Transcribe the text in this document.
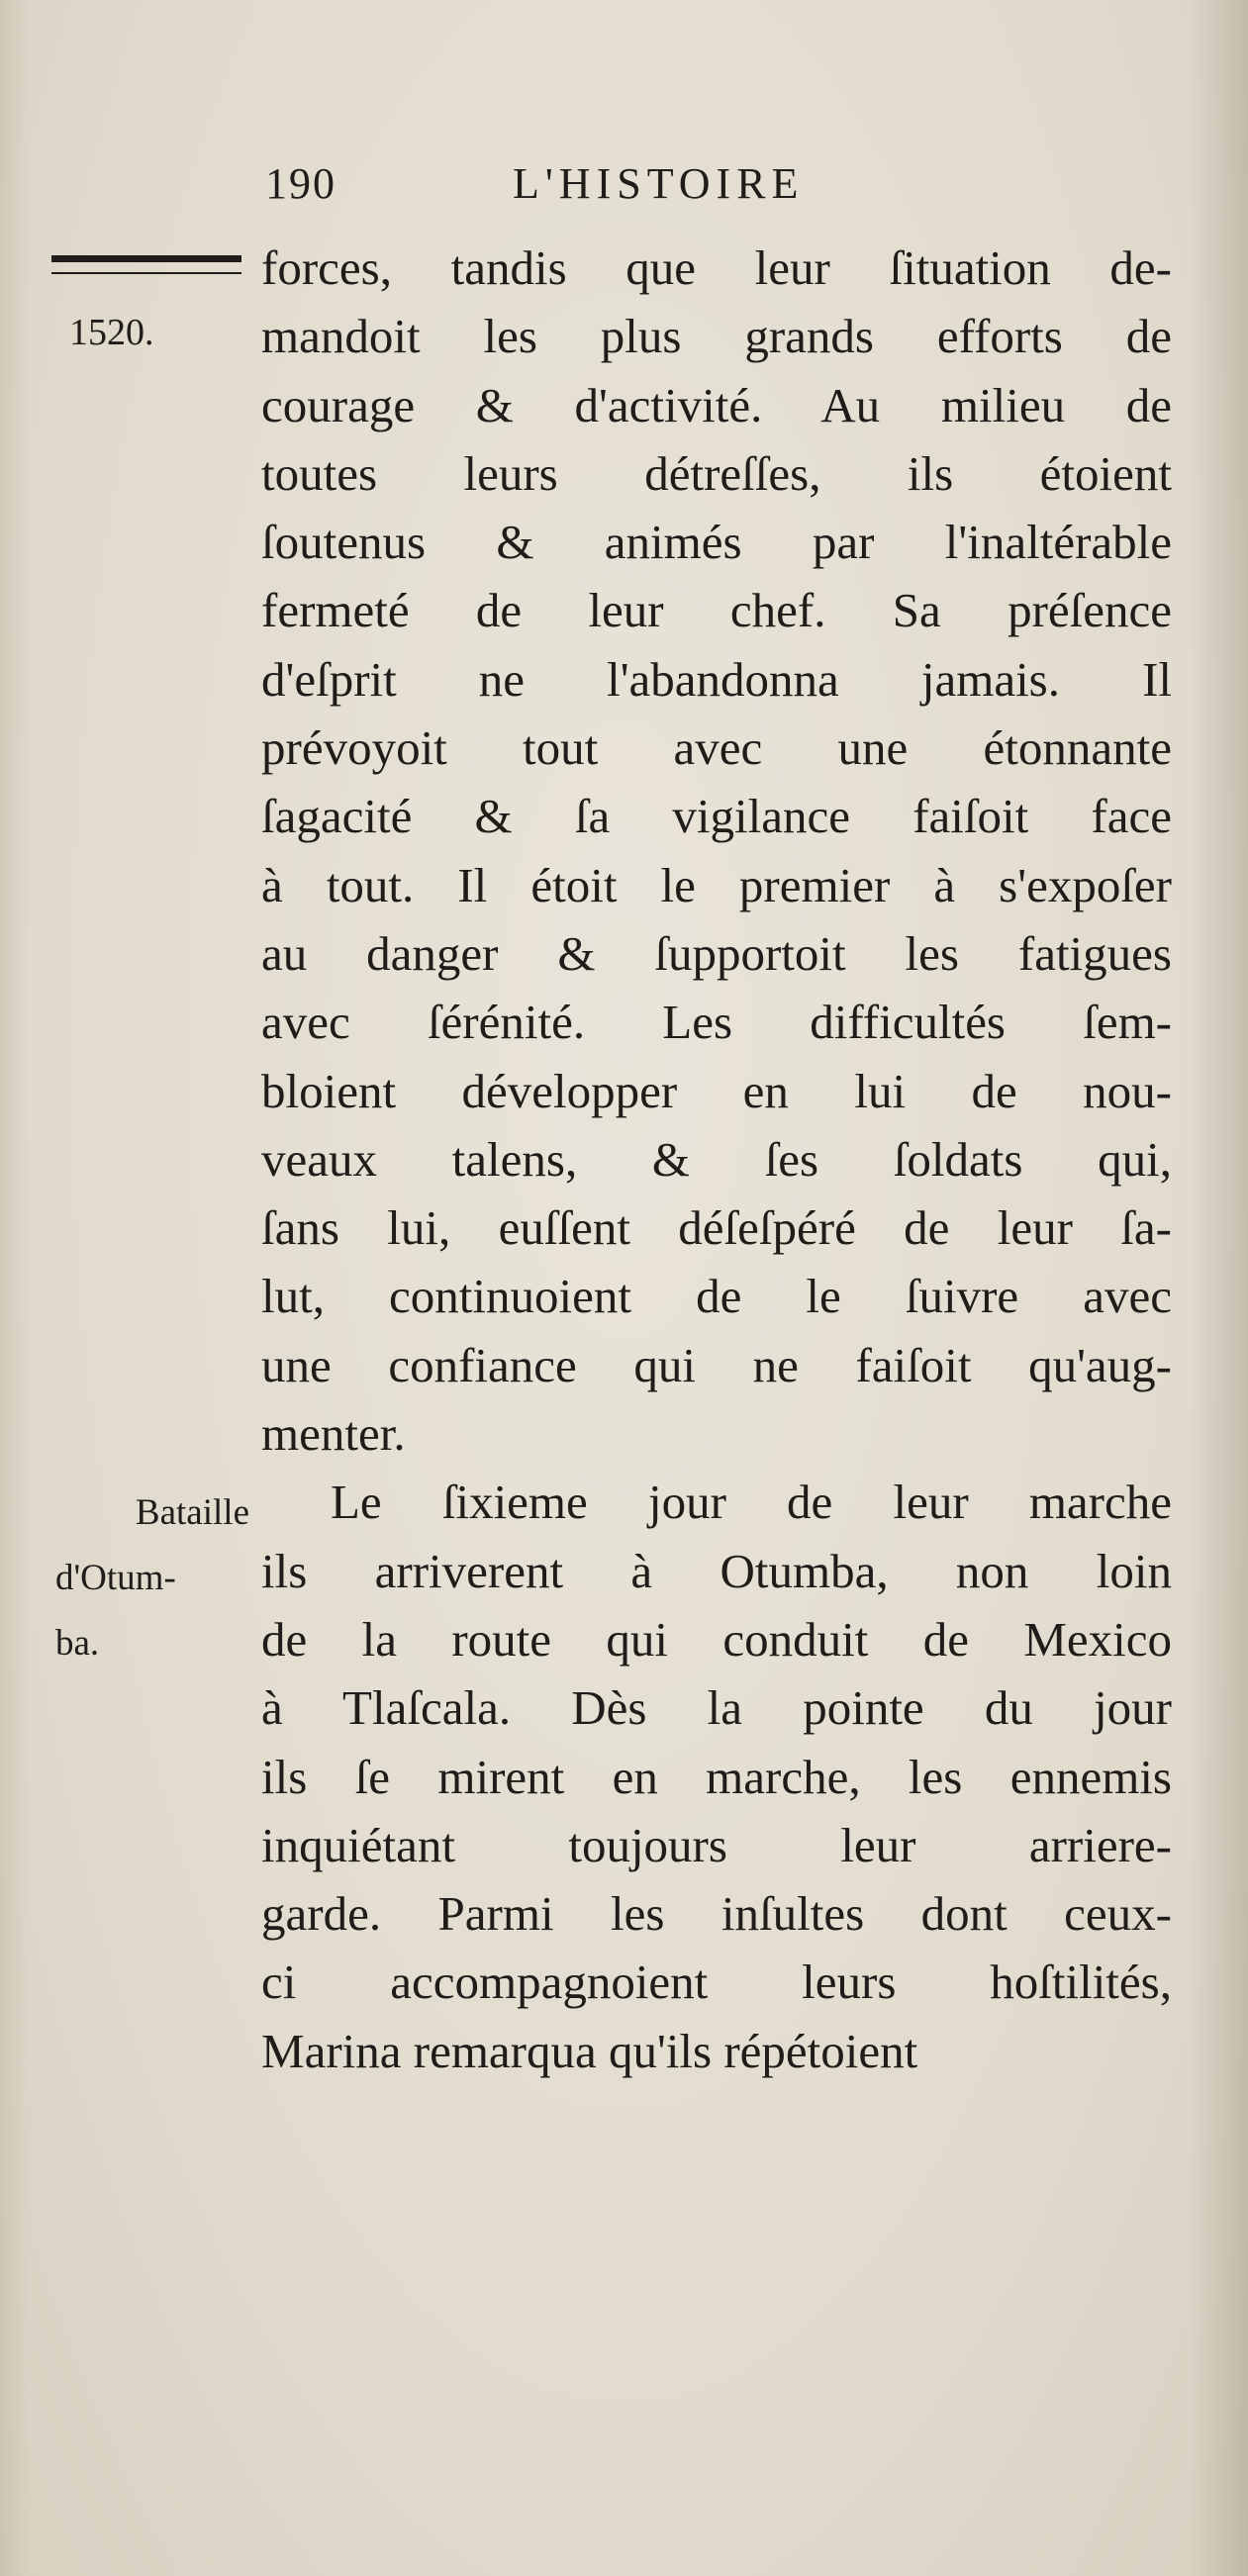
190	L'HISTOIRE
1520.
Bataille
d'Otum-
ba.
forces, tandis que leur ſituation de-
mandoit les plus grands efforts de
courage & d'activité. Au milieu de
toutes leurs détreſſes, ils étoient
ſoutenus & animés par l'inaltérable
fermeté de leur chef. Sa préſence
d'eſprit ne l'abandonna jamais. Il
prévoyoit tout avec une étonnante
ſagacité & ſa vigilance faiſoit face
à tout. Il étoit le premier à s'expoſer
au danger & ſupportoit les fatigues
avec ſérénité. Les difficultés ſem-
bloient développer en lui de nou-
veaux talens, & ſes ſoldats qui,
ſans lui, euſſent déſeſpéré de leur ſa-
lut, continuoient de le ſuivre avec
une confiance qui ne faiſoit qu'aug-
menter.
Le ſixieme jour de leur marche
ils arriverent à Otumba, non loin
de la route qui conduit de Mexico
à Tlaſcala. Dès la pointe du jour
ils ſe mirent en marche, les ennemis
inquiétant toujours leur arriere-
garde. Parmi les inſultes dont ceux-
ci accompagnoient leurs hoſtilités,
Marina remarqua qu'ils répétoient
